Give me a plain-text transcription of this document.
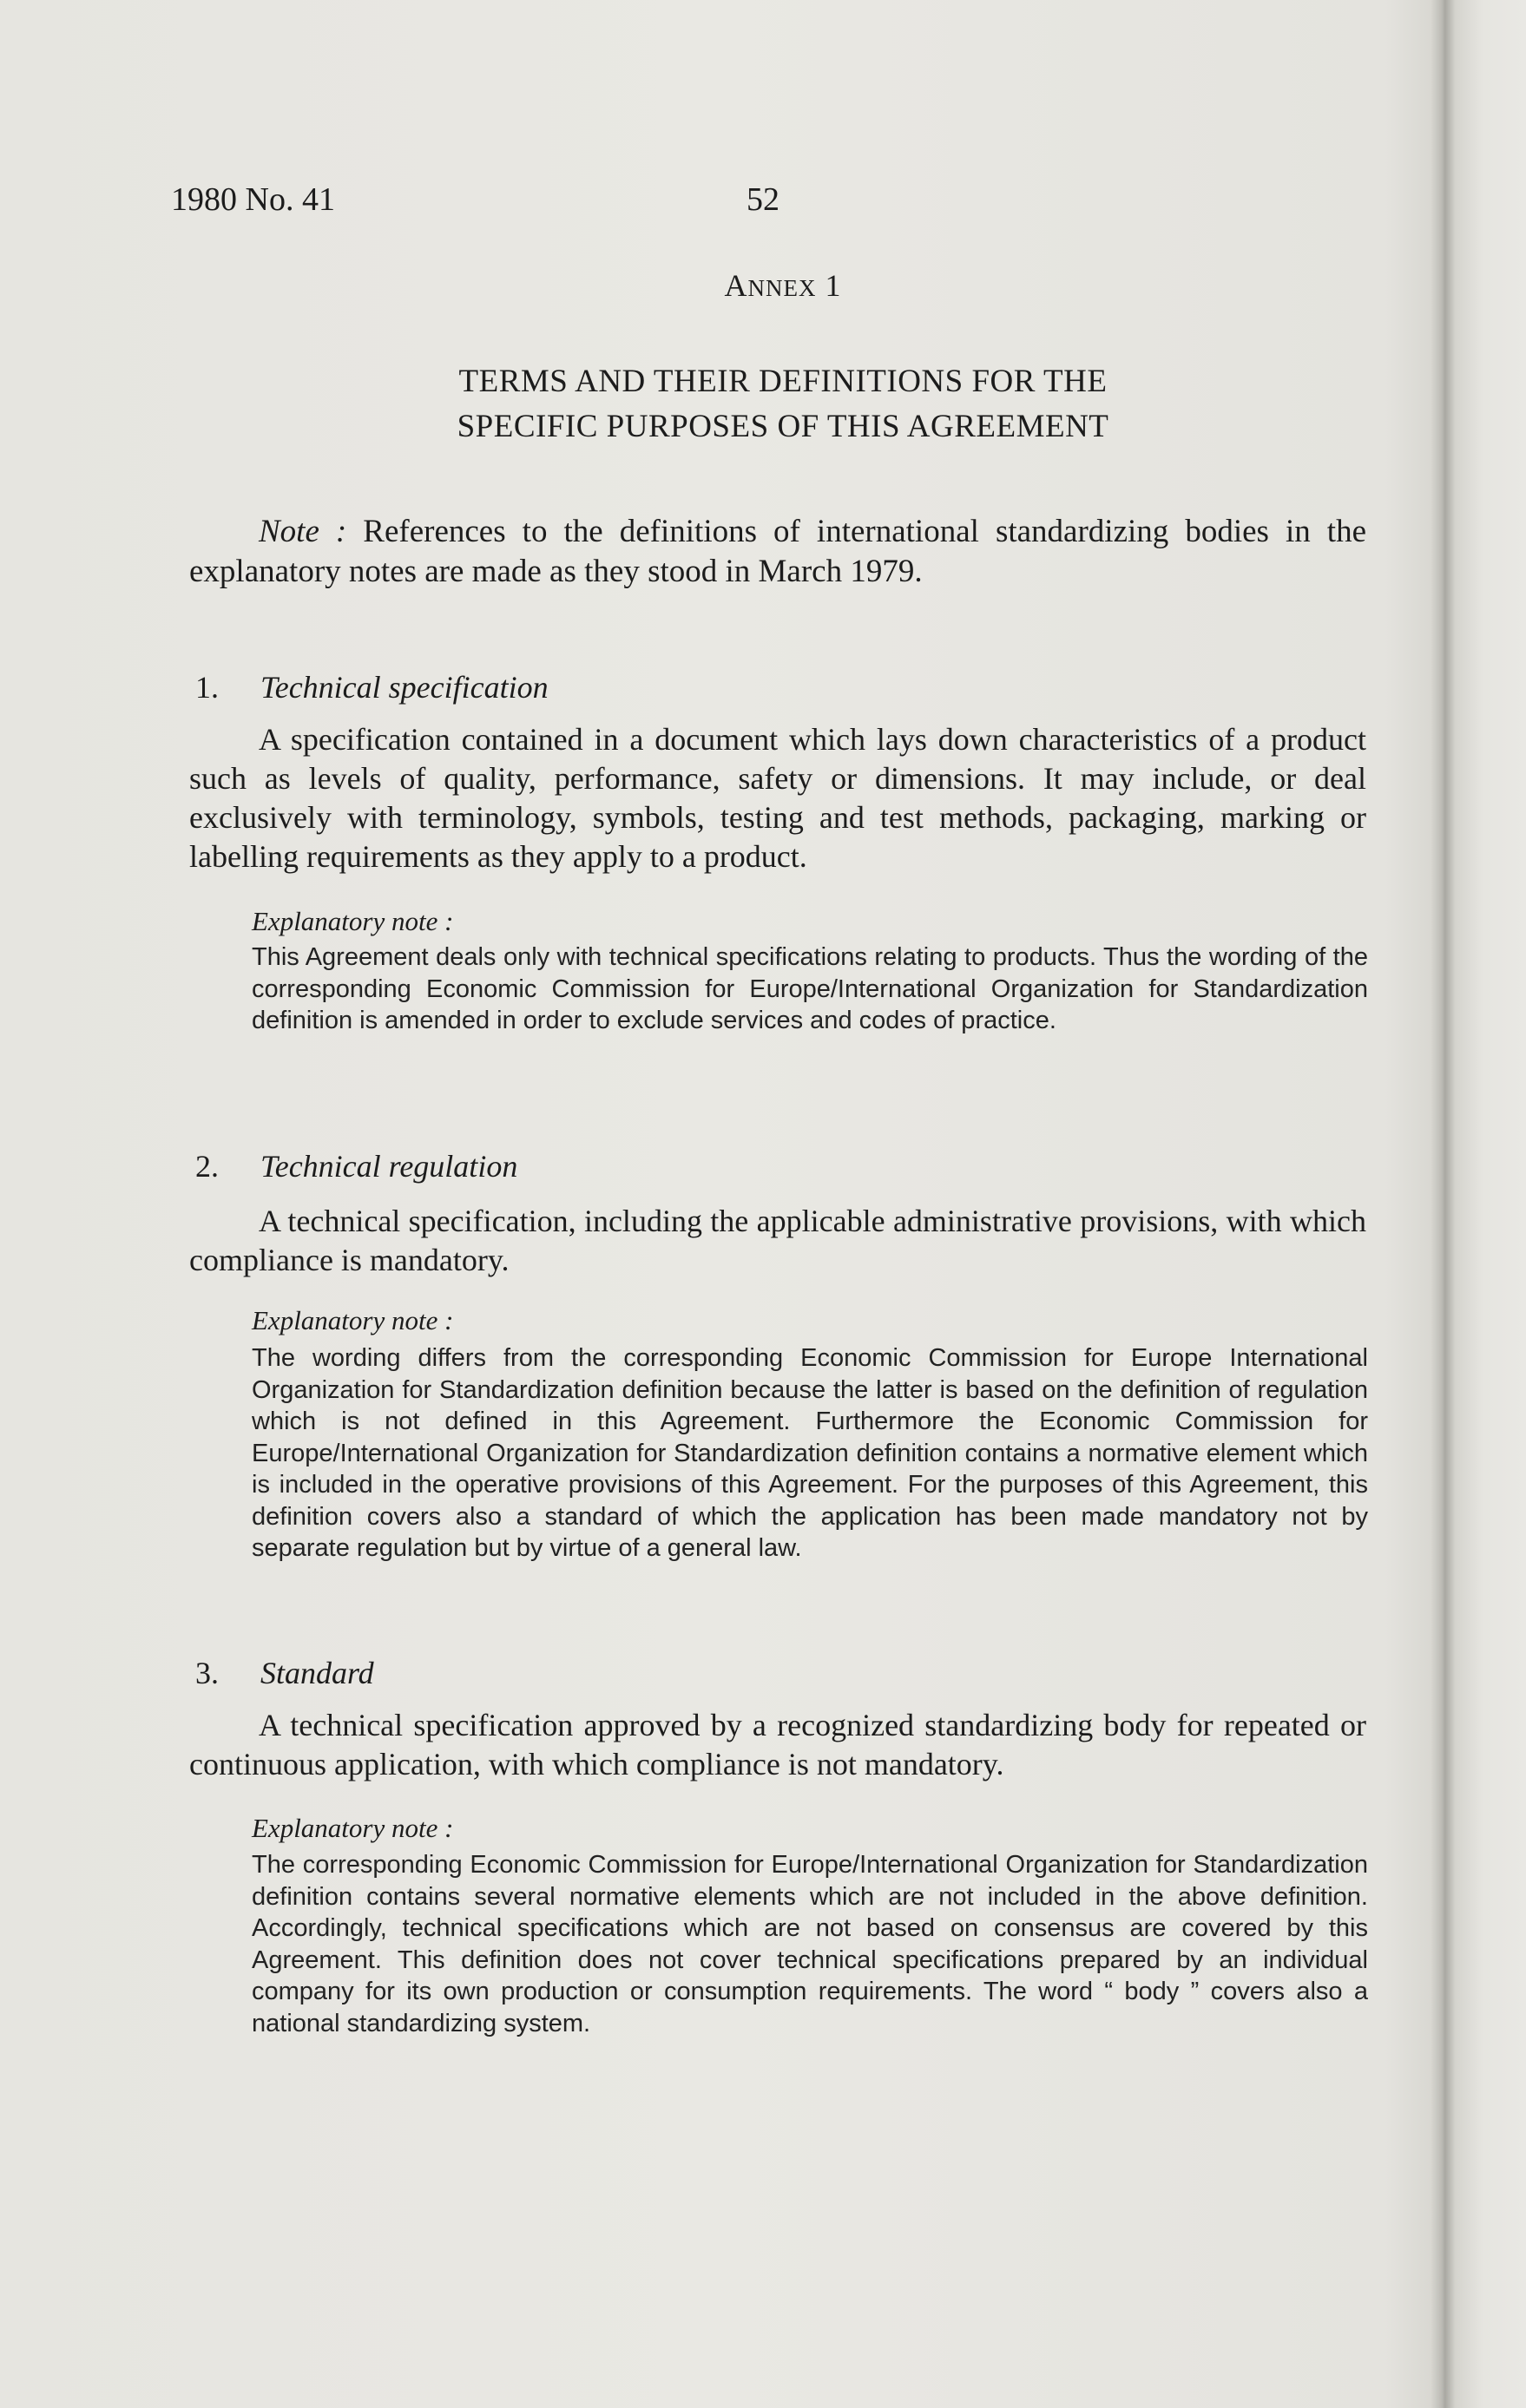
1980 No. 41	52
ANNEX 1
TERMS AND THEIR DEFINITIONS FOR THE
SPECIFIC PURPOSES OF THIS AGREEMENT
Note : References to the definitions of international standardizing bodies in the explanatory notes are made as they stood in March 1979.
1. Technical specification
A specification contained in a document which lays down characteristics of a product such as levels of quality, performance, safety or dimensions. It may include, or deal exclusively with terminology, symbols, testing and test methods, packaging, marking or labelling requirements as they apply to a product.
Explanatory note :
This Agreement deals only with technical specifications relating to products. Thus the wording of the corresponding Economic Commission for Europe/International Organization for Standardization definition is amended in order to exclude services and codes of practice.
2. Technical regulation
A technical specification, including the applicable administrative provisions, with which compliance is mandatory.
Explanatory note :
The wording differs from the corresponding Economic Commission for Europe International Organization for Standardization definition because the latter is based on the definition of regulation which is not defined in this Agreement. Furthermore the Economic Commission for Europe/International Organization for Standardization definition contains a normative element which is included in the operative provisions of this Agreement. For the purposes of this Agreement, this definition covers also a standard of which the application has been made mandatory not by separate regulation but by virtue of a general law.
3. Standard
A technical specification approved by a recognized standardizing body for repeated or continuous application, with which compliance is not mandatory.
Explanatory note :
The corresponding Economic Commission for Europe/International Organization for Standardization definition contains several normative elements which are not included in the above definition. Accordingly, technical specifications which are not based on consensus are covered by this Agreement. This definition does not cover technical specifications prepared by an individual company for its own production or consumption requirements. The word “ body ” covers also a national standardizing system.
